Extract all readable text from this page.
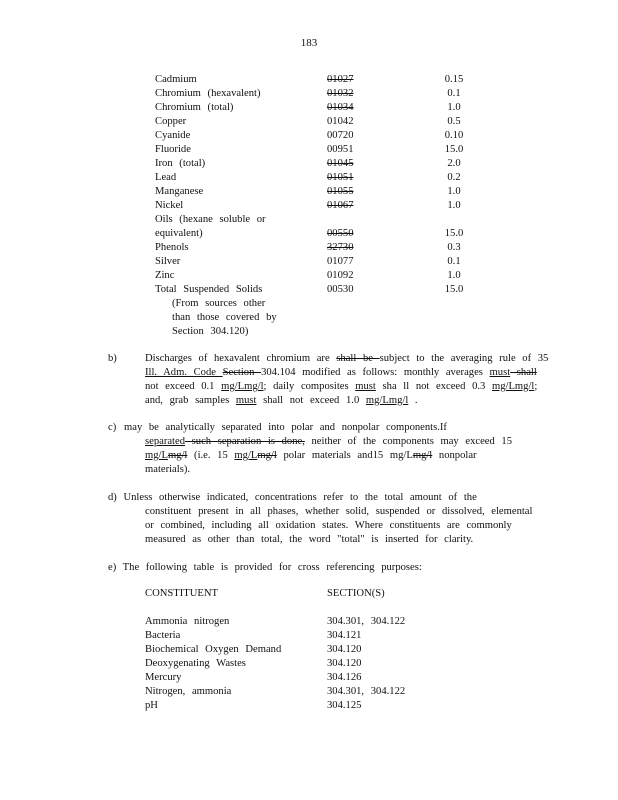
183
Cadmium	01027	0.15
Chromium (hexavalent)	01032	0.1
Chromium (total)	01034	1.0
Copper	01042	0.5
Cyanide	00720	0.10
Fluoride	00951	15.0
Iron (total)	01045	2.0
Lead	01051	0.2
Manganese	01055	1.0
Nickel	01067	1.0
Oils (hexane soluble or
equivalent)	00550	15.0
Phenols	32730	0.3
Silver	01077	0.1
Zinc	01092	1.0
Total Suspended Solids	00530	15.0
(From sources other
than those covered by
Section 304.120)
b)	Discharges of hexavalent chromium are shall be subject to the averaging rule of 35
Ill. Adm. Code Section 304.104 modified as follows: monthly averages must shall
not exceed 0.1 mg/Lmg/l; daily composites must sha ll not exceed 0.3 mg/Lmg/l;
and, grab samples must shall not exceed 1.0 mg/Lmg/l .
c) may be analytically separated into polar and nonpolar components.If
separated such separation is done, neither of the components may exceed 15
mg/Lmg/l (i.e. 15 mg/Lmg/l polar materials and15 mg/Lmg/l nonpolar
materials).
d) Unless otherwise indicated, concentrations refer to the total amount of the
constituent present in all phases, whether solid, suspended or dissolved, elemental
or combined, including all oxidation states. Where constituents are commonly
measured as other than total, the word "total" is inserted for clarity.
e) The following table is provided for cross referencing purposes:
CONSTITUENT	SECTION(S)
Ammonia nitrogen	304.301, 304.122
Bacteria	304.121
Biochemical Oxygen Demand	304.120
Deoxygenating Wastes	304.120
Mercury	304.126
Nitrogen, ammonia	304.301, 304.122
pH	304.125
